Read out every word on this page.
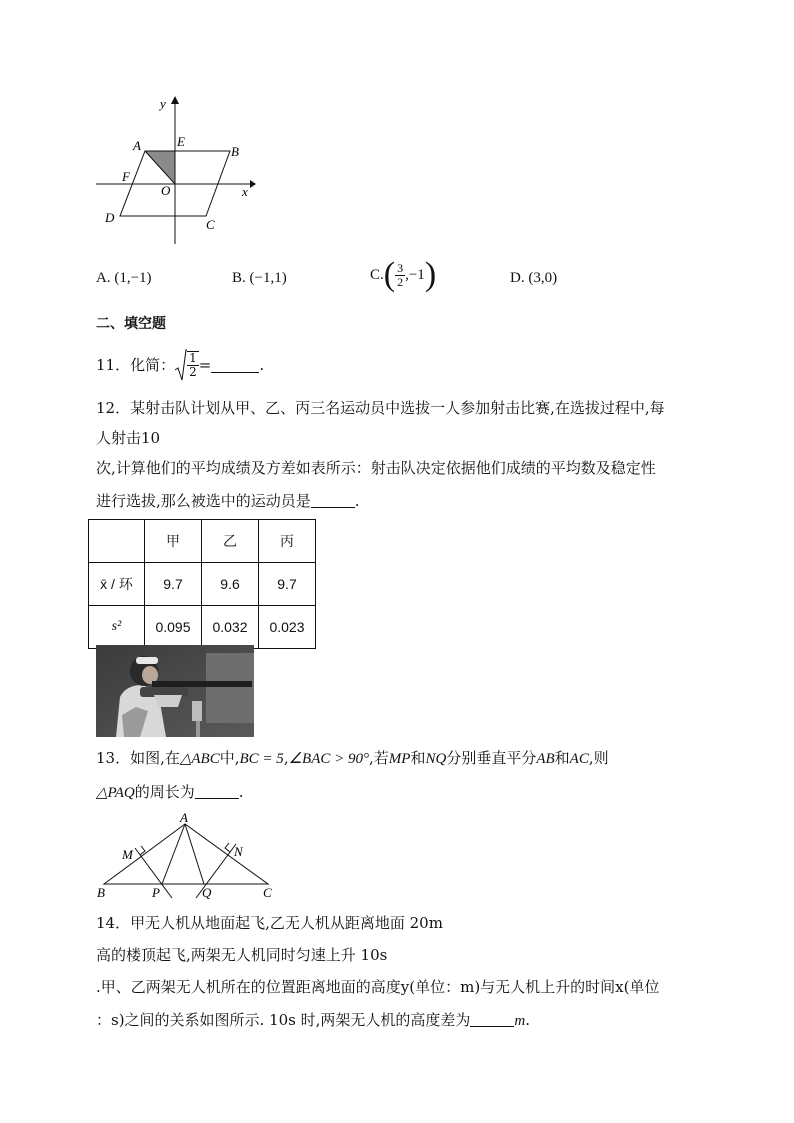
y
x
A	E
B
F
O
D	C
A. (1,−1)	B. (−1,1)	$C.( \frac{3}{2} ,-1)$	D. (3,0)
二、填空题
11．化简： $\frac{1}{2}$ =	.
12．某射击队计划从甲、乙、丙三名运动员中选拔一人参加射击比赛,在选拔过程中,每
人射击10
次,计算他们的平均成绩及方差如表所示：射击队决定依据他们成绩的平均数及稳定性
进行选拔,那么被选中的运动员是	.
	甲	乙	丙
x̄ / 环	9.7	9.6	9.7
s²	0.095	0.032	0.023
13．如图,在△ABC中,BC = 5,∠BAC > 90°,若MP和NQ分别垂直平分AB和AC,则
△PAQ的周长为	.
A
M	N
B	P	Q	C
14．甲无人机从地面起飞,乙无人机从距离地面 20m
高的楼顶起飞,两架无人机同时匀速上升 10s
.甲、乙两架无人机所在的位置距离地面的高度y(单位：m)与无人机上升的时间x(单位
：s)之间的关系如图所示. 10s 时,两架无人机的高度差为	m.
